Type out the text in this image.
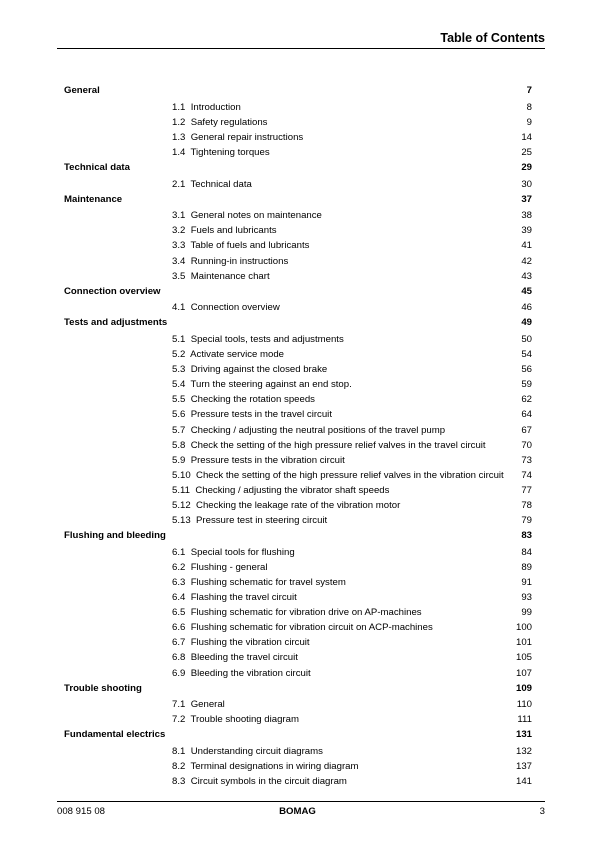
Table of Contents
General	7
1.1 Introduction	8
1.2 Safety regulations	9
1.3 General repair instructions	14
1.4 Tightening torques	25
Technical data	29
2.1 Technical data	30
Maintenance	37
3.1 General notes on maintenance	38
3.2 Fuels and lubricants	39
3.3 Table of fuels and lubricants	41
3.4 Running-in instructions	42
3.5 Maintenance chart	43
Connection overview	45
4.1 Connection overview	46
Tests and adjustments	49
5.1 Special tools, tests and adjustments	50
5.2 Activate service mode	54
5.3 Driving against the closed brake	56
5.4 Turn the steering against an end stop.	59
5.5 Checking the rotation speeds	62
5.6 Pressure tests in the travel circuit	64
5.7 Checking / adjusting the neutral positions of the travel pump	67
5.8 Check the setting of the high pressure relief valves in the travel circuit	70
5.9 Pressure tests in the vibration circuit	73
5.10 Check the setting of the high pressure relief valves in the vibration circuit 74
5.11 Checking / adjusting the vibrator shaft speeds	77
5.12 Checking the leakage rate of the vibration motor	78
5.13 Pressure test in steering circuit	79
Flushing and bleeding	83
6.1 Special tools for flushing	84
6.2 Flushing - general	89
6.3 Flushing schematic for travel system	91
6.4 Flashing the travel circuit	93
6.5 Flushing schematic for vibration drive on AP-machines	99
6.6 Flushing schematic for vibration circuit on ACP-machines	100
6.7  Flushing the vibration circuit	101
6.8 Bleeding the travel circuit	105
6.9 Bleeding the vibration circuit	107
Trouble shooting	109
7.1 General	110
7.2 Trouble shooting diagram	111
Fundamental electrics	131
8.1 Understanding circuit diagrams	132
8.2 Terminal designations in wiring diagram	137
8.3 Circuit symbols in the circuit diagram	141
008 915 08	BOMAG	3
